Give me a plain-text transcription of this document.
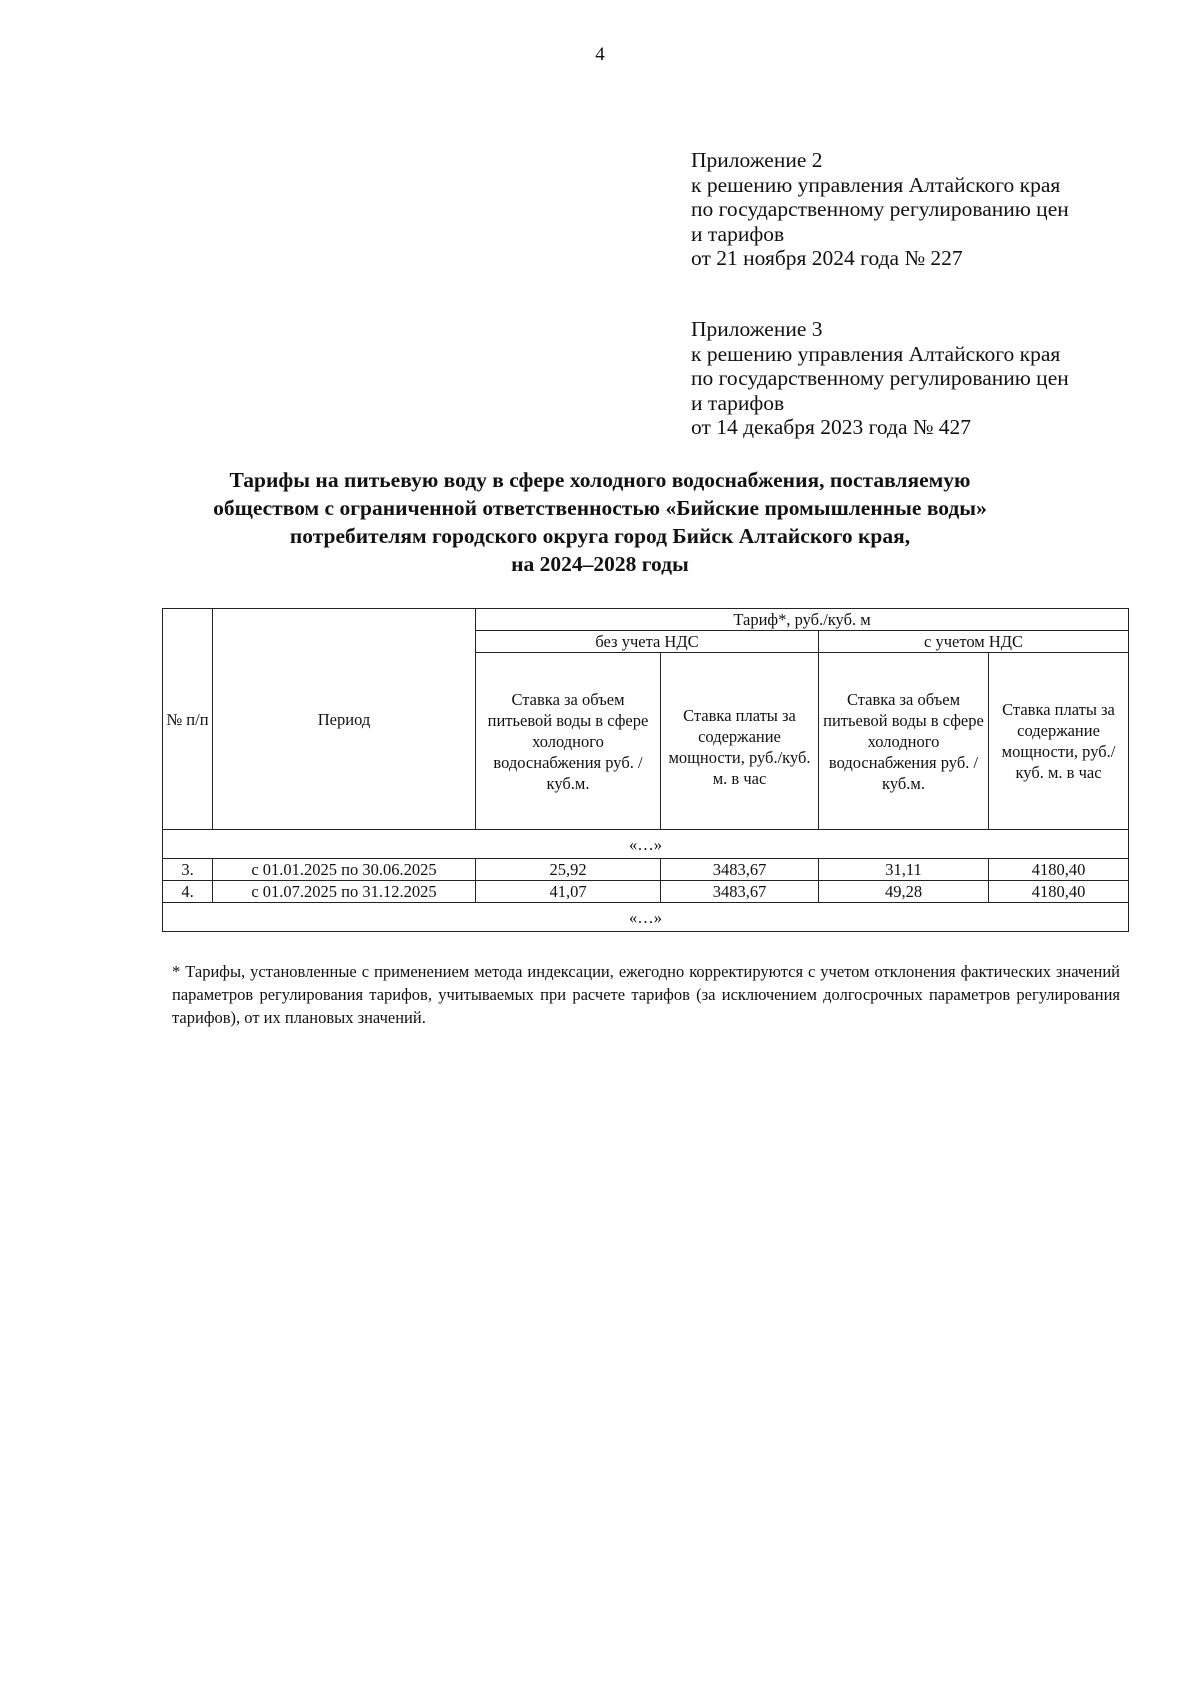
4
Приложение 2
к решению управления Алтайского края
по государственному регулированию цен
и тарифов
от 21 ноября 2024 года № 227
Приложение 3
к решению управления Алтайского края
по государственному регулированию цен
и тарифов
от 14 декабря 2023 года № 427
Тарифы на питьевую воду в сфере холодного водоснабжения, поставляемую
обществом с ограниченной ответственностью «Бийские промышленные воды»
потребителям городского округа город Бийск Алтайского края,
на 2024–2028 годы
№ п/п	Период	Тариф*, руб./куб. м			
		без учета НДС		с учетом НДС	
		Ставка за объем питьевой воды в сфере холодного водоснабжения руб. /куб.м.	Ставка платы за содержание мощности, руб./куб. м. в час	Ставка за объем питьевой воды в сфере холодного водоснабжения руб. /куб.м.	Ставка платы за содержание мощности, руб./куб. м. в час
«…»					
3.	с 01.01.2025 по 30.06.2025	25,92	3483,67	31,11	4180,40
4.	с 01.07.2025 по 31.12.2025	41,07	3483,67	49,28	4180,40
«…»					
* Тарифы, установленные с применением метода индексации, ежегодно корректируются с учетом отклонения фактических значений параметров регулирования тарифов, учитываемых при расчете тарифов (за исключением долгосрочных параметров регулирования тарифов), от их плановых значений.
